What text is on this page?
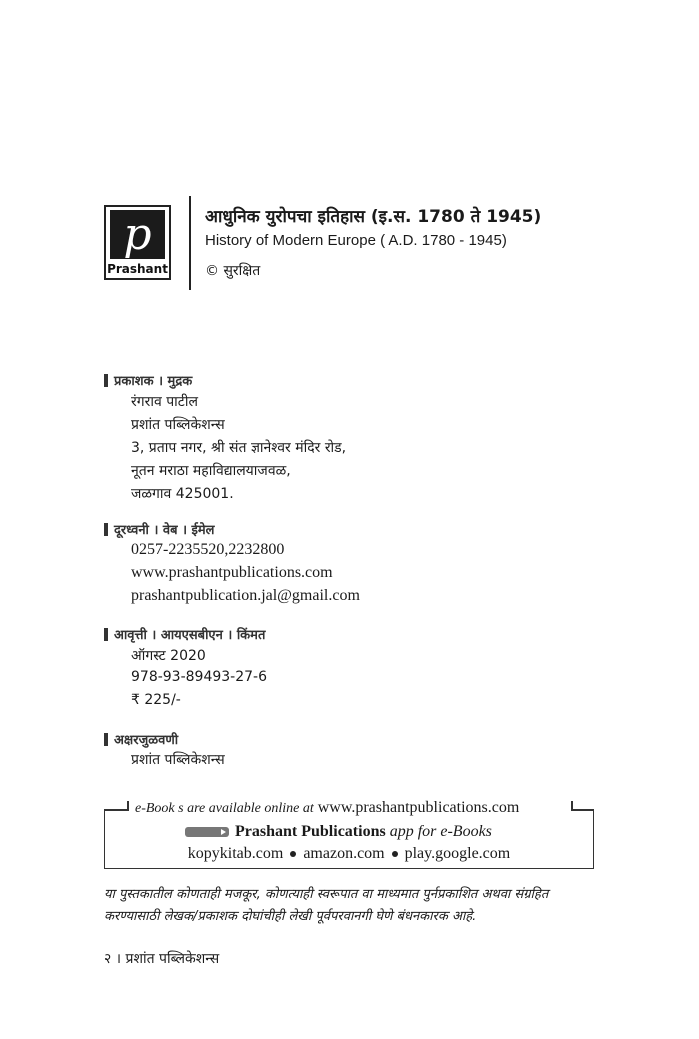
p
Prashant
आधुनिक युरोपचा इतिहास (इ.स. 1780 ते 1945)
History of Modern Europe ( A.D. 1780 - 1945)
© सुरक्षित
प्रकाशक । मुद्रक
रंगराव पाटील
प्रशांत पब्लिकेशन्स
3, प्रताप नगर, श्री संत ज्ञानेश्वर मंदिर रोड,
नूतन मराठा महाविद्यालयाजवळ,
जळगाव 425001.
दूरध्वनी । वेब । ईमेल
0257-2235520,2232800
www.prashantpublications.com
prashantpublication.jal@gmail.com
आवृत्ती । आयएसबीएन । किंमत
ऑगस्ट 2020
978-93-89493-27-6
₹ 225/-
अक्षरजुळवणी
प्रशांत पब्लिकेशन्स
e-Book s are available online at www.prashantpublications.com
Prashant Publications
app for e-Books
kopykitab.com amazon.com play.google.com
या पुस्तकातील कोणताही मजकूर, कोणत्याही स्वरूपात वा माध्यमात पुर्नप्रकाशित अथवा संग्रहित करण्यासाठी लेखक/प्रकाशक दोघांचीही लेखी पूर्वपरवानगी घेणे बंधनकारक आहे.
२ । प्रशांत पब्लिकेशन्स
